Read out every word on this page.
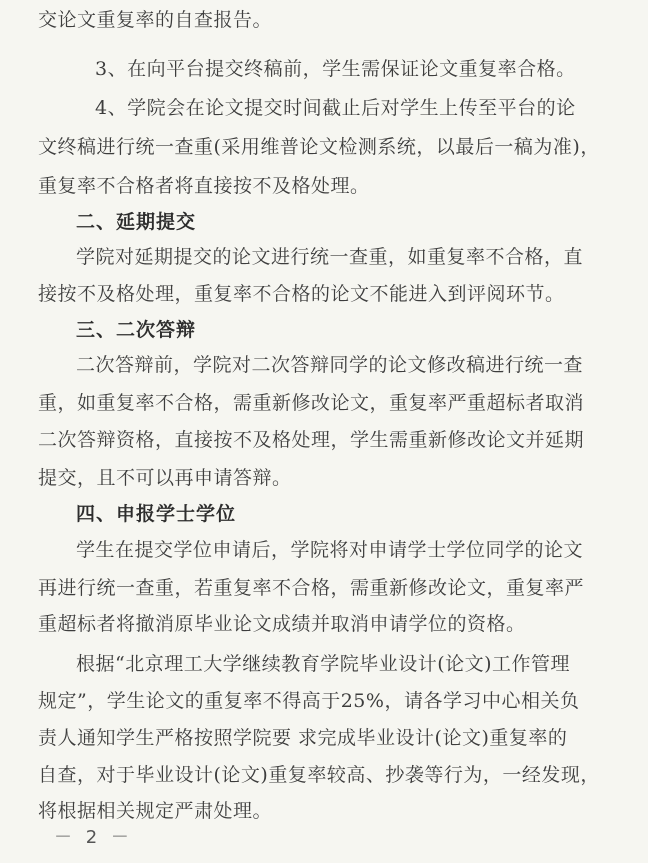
交论文重复率的自查报告。
3、在向平台提交终稿前，学生需保证论文重复率合格。
4、学院会在论文提交时间截止后对学生上传至平台的论
文终稿进行统一查重(采用维普论文检测系统，以最后一稿为准)，
重复率不合格者将直接按不及格处理。
二、延期提交
学院对延期提交的论文进行统一查重，如重复率不合格，直
接按不及格处理，重复率不合格的论文不能进入到评阅环节。
三、二次答辩
二次答辩前，学院对二次答辩同学的论文修改稿进行统一查
重，如重复率不合格，需重新修改论文，重复率严重超标者取消
二次答辩资格，直接按不及格处理，学生需重新修改论文并延期
提交，且不可以再申请答辩。
四、申报学士学位
学生在提交学位申请后，学院将对申请学士学位同学的论文
再进行统一查重，若重复率不合格，需重新修改论文，重复率严
重超标者将撤消原毕业论文成绩并取消申请学位的资格。
根据“北京理工大学继续教育学院毕业设计(论文)工作管理
规定”，学生论文的重复率不得高于25%，请各学习中心相关负
责人通知学生严格按照学院要 求完成毕业设计(论文)重复率的
自查，对于毕业设计(论文)重复率较高、抄袭等行为，一经发现，
将根据相关规定严肃处理。
－ 2 －
